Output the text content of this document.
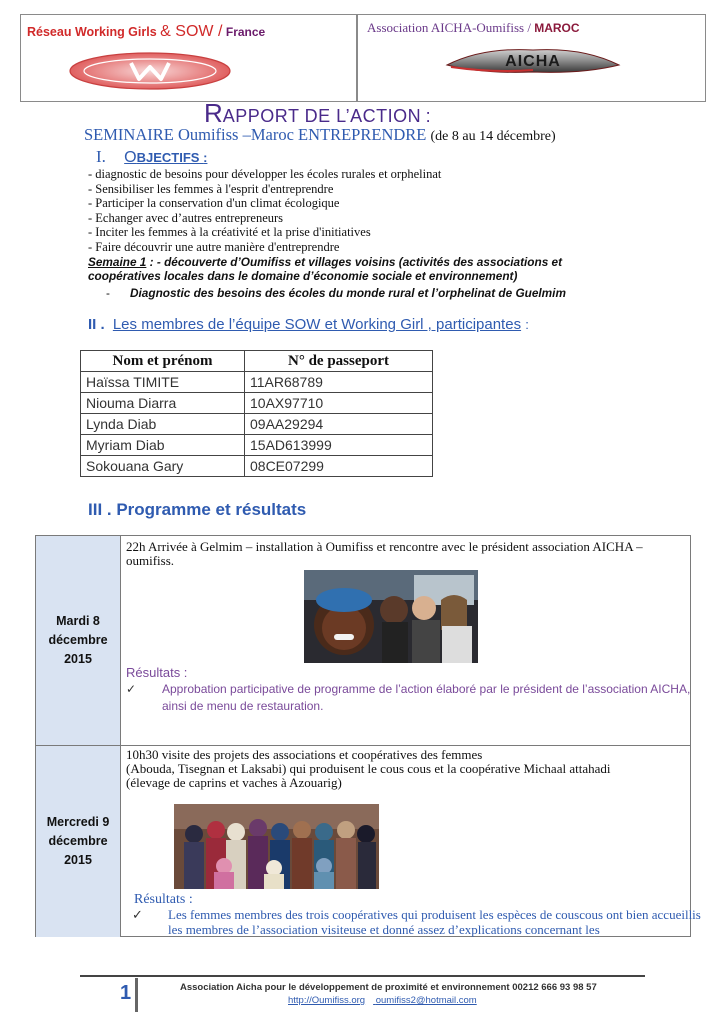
Réseau Working Girls & SOW / France	Association AICHA-Oumifiss / MAROC
AICHA
RAPPORT DE L’ACTION :
SEMINAIRE Oumifiss –Maroc ENTREPRENDRE (de 8 au 14 décembre)
I. OBJECTIFS :
- diagnostic de besoins pour développer les écoles rurales et orphelinat
- Sensibiliser les femmes à l'esprit d'entreprendre
- Participer la conservation d'un climat écologique
- Echanger avec d’autres entrepreneurs
- Inciter les femmes à la créativité et la prise d'initiatives
- Faire découvrir une autre manière d'entreprendre
Semaine 1 : - découverte d’Oumifiss et villages voisins (activités des associations et coopératives locales dans le domaine d’économie sociale et environnement)
- Diagnostic des besoins des écoles du monde rural et l’orphelinat de Guelmim
II . Les membres de l’équipe SOW et Working Girl , participantes :
Nom et prénom	N° de passeport
Haïssa TIMITE	11AR68789
Niouma Diarra	10AX97710
Lynda Diab	09AA29294
Myriam Diab	15AD613999
Sokouana Gary	08CE07299
III . Programme et résultats
Mardi 8
décembre
2015
22h Arrivée à Gelmim – installation à Oumifiss et rencontre avec le président association AICHA – oumifiss.
Résultats :
✓ Approbation participative de programme de l’action élaboré par le président de l’association AICHA, ainsi de menu de restauration.
Mercredi 9
décembre
2015
10h30 visite des projets des associations et coopératives des femmes
(Abouda, Tisegnan et Laksabi) qui produisent le cous cous et la coopérative Michaal attahadi
(élevage de caprins et vaches à Azouarig)
Résultats :
✓ Les femmes membres des trois coopératives qui produisent les espèces de couscous ont bien accueillis les membres de l’association visiteuse et donné assez d’explications concernant les
1	Association Aicha pour le développement de proximité et environnement 00212 666 93 98 57
http://Oumifiss.org oumifiss2@hotmail.com
